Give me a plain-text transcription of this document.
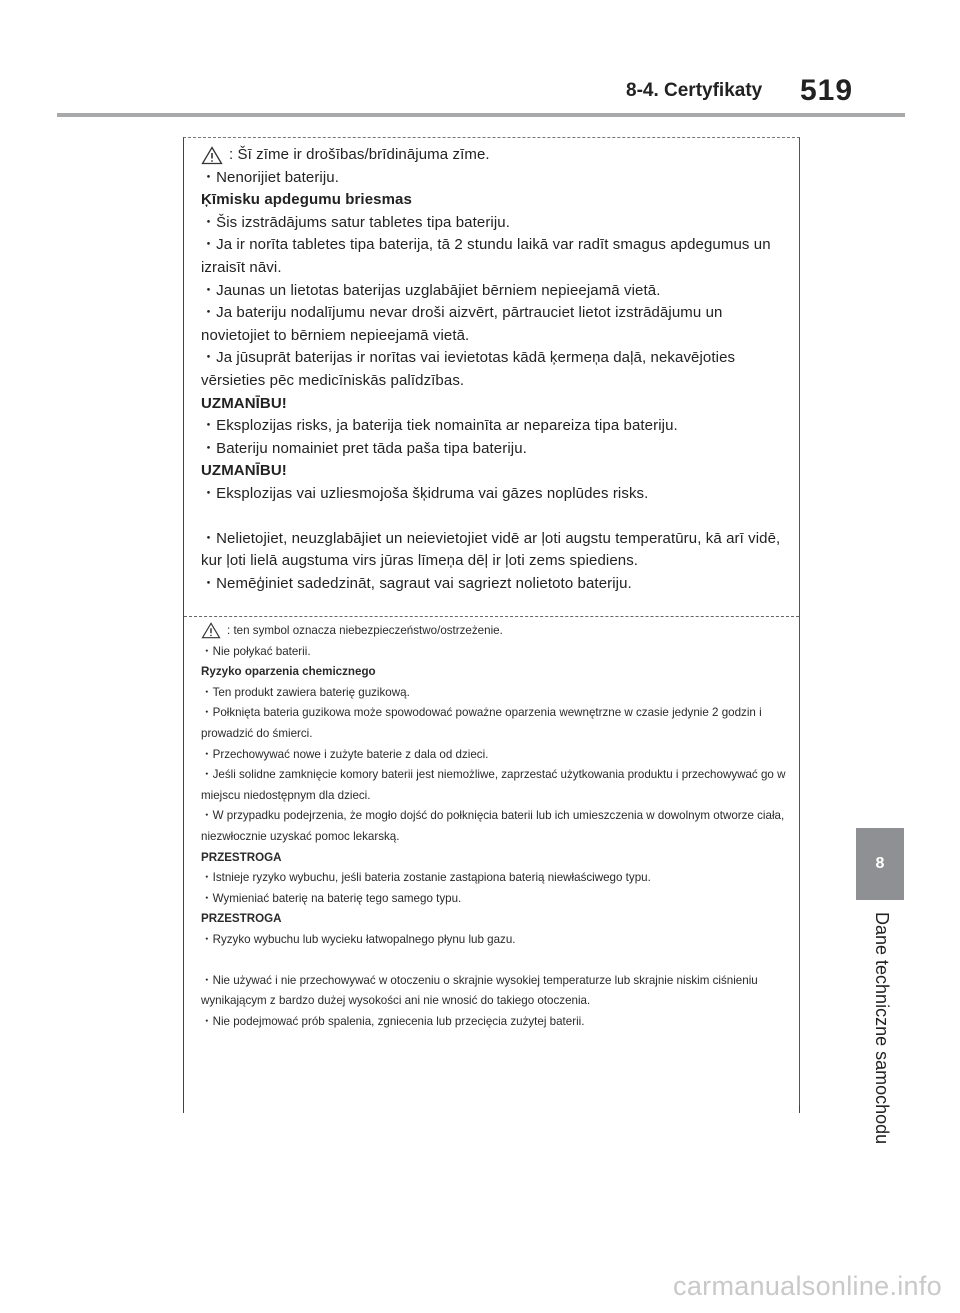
8-4. Certyfikaty 519

: Šī zīme ir drošības/brīdinājuma zīme.

・Nenorijiet bateriju.

Ķīmisku apdegumu briesmas

・Šis izstrādājums satur tabletes tipa bateriju.

・Ja ir norīta tabletes tipa baterija, tā 2 stundu laikā var radīt smagus apdegumus un izraisīt nāvi.

・Jaunas un lietotas baterijas uzglabājiet bērniem nepieejamā vietā.

・Ja bateriju nodalījumu nevar droši aizvērt, pārtrauciet lietot izstrādājumu un novietojiet to bērniem nepieejamā vietā.

・Ja jūsuprāt baterijas ir norītas vai ievietotas kādā ķermeņa daļā, nekavējoties vērsieties pēc medicīniskās palīdzības.

UZMANĪBU!

・Eksplozijas risks, ja baterija tiek nomainīta ar nepareiza tipa bateriju.

・Bateriju nomainiet pret tāda paša tipa bateriju.

UZMANĪBU!

・Eksplozijas vai uzliesmojoša šķidruma vai gāzes noplūdes risks.

・Nelietojiet, neuzglabājiet un neievietojiet vidē ar ļoti augstu temperatūru, kā arī vidē, kur ļoti lielā augstuma virs jūras līmeņa dēļ ir ļoti zems spiediens.

・Nemēģiniet sadedzināt, sagraut vai sagriezt nolietoto bateriju.

: ten symbol oznacza niebezpieczeństwo/ostrzeżenie.

・Nie połykać baterii.

Ryzyko oparzenia chemicznego

・Ten produkt zawiera baterię guzikową.

・Połknięta bateria guzikowa może spowodować poważne oparzenia wewnętrzne w czasie jedynie 2 godzin i prowadzić do śmierci.

・Przechowywać nowe i zużyte baterie z dala od dzieci.

・Jeśli solidne zamknięcie komory baterii jest niemożliwe, zaprzestać użytkowania produktu i przechowywać go w miejscu niedostępnym dla dzieci.

・W przypadku podejrzenia, że mogło dojść do połknięcia baterii lub ich umieszczenia w dowolnym otworze ciała, niezwłocznie uzyskać pomoc lekarską.

PRZESTROGA

・Istnieje ryzyko wybuchu, jeśli bateria zostanie zastąpiona baterią niewłaściwego typu.

・Wymieniać baterię na baterię tego samego typu.

PRZESTROGA

・Ryzyko wybuchu lub wycieku łatwopalnego płynu lub gazu.

・Nie używać i nie przechowywać w otoczeniu o skrajnie wysokiej temperaturze lub skrajnie niskim ciśnieniu wynikającym z bardzo dużej wysokości ani nie wnosić do takiego otoczenia.

・Nie podejmować prób spalenia, zgniecenia lub przecięcia zużytej baterii.

8
Dane techniczne samochodu
carmanualsonline.info
